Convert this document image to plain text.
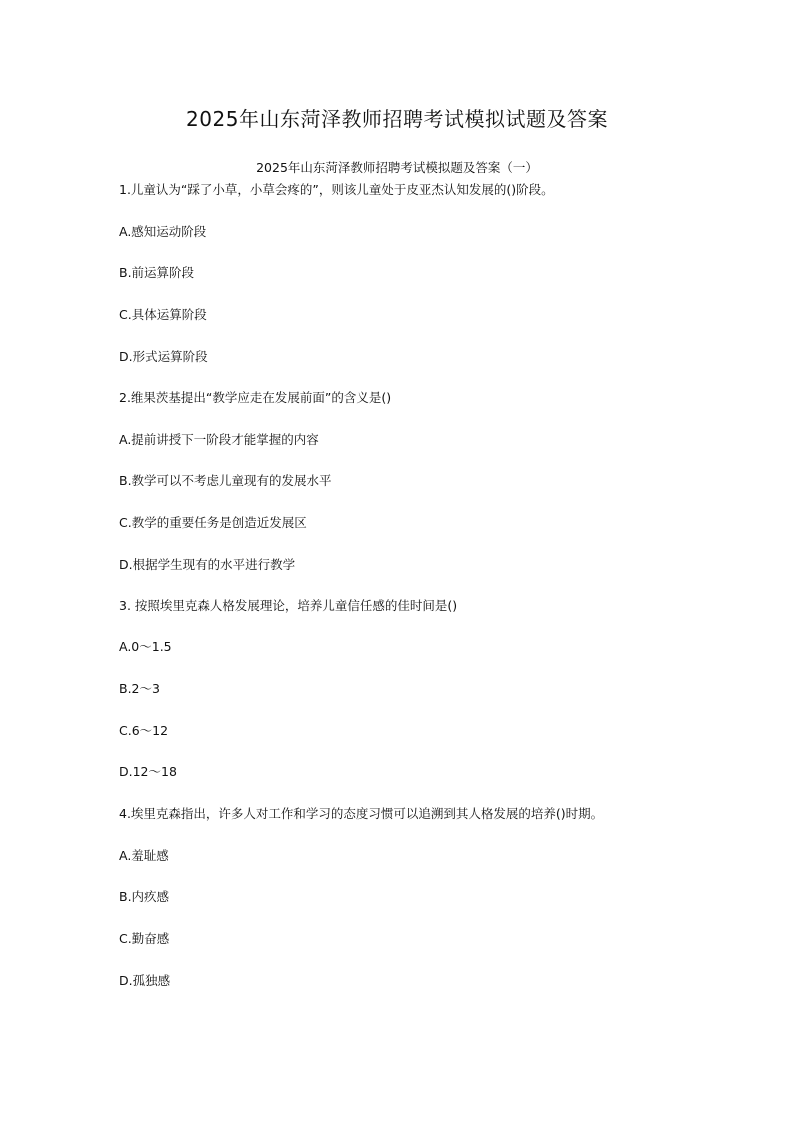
2025年山东菏泽教师招聘考试模拟试题及答案
2025年山东菏泽教师招聘考试模拟题及答案（一）
1.儿童认为“踩了小草，小草会疼的”，则该儿童处于皮亚杰认知发展的()阶段。
A.感知运动阶段
B.前运算阶段
C.具体运算阶段
D.形式运算阶段
2.维果茨基提出“教学应走在发展前面”的含义是()
A.提前讲授下一阶段才能掌握的内容
B.教学可以不考虑儿童现有的发展水平
C.教学的重要任务是创造近发展区
D.根据学生现有的水平进行教学
3. 按照埃里克森人格发展理论，培养儿童信任感的佳时间是()
A.0～1.5
B.2～3
C.6～12
D.12～18
4.埃里克森指出，许多人对工作和学习的态度习惯可以追溯到其人格发展的培养()时期。
A.羞耻感
B.内疚感
C.勤奋感
D.孤独感
